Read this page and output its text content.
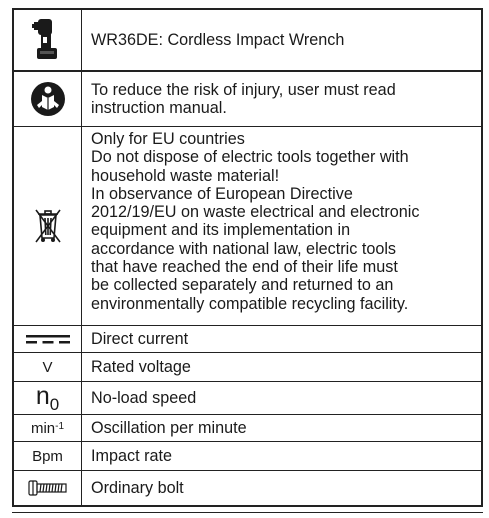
WR36DE: Cordless Impact Wrench
To reduce the risk of injury, user must read
instruction manual.
Only for EU countries
Do not dispose of electric tools together with
household waste material!
In observance of European Directive
2012/19/EU on waste electrical and electronic
equipment and its implementation in
accordance with national law, electric tools
that have reached the end of their life must
be collected separately and returned to an
environmentally compatible recycling facility.
Direct current
V Rated voltage
$n_0$ No-load speed
$\min^{-1}$ Oscillation per minute
Bpm Impact rate
Ordinary bolt
